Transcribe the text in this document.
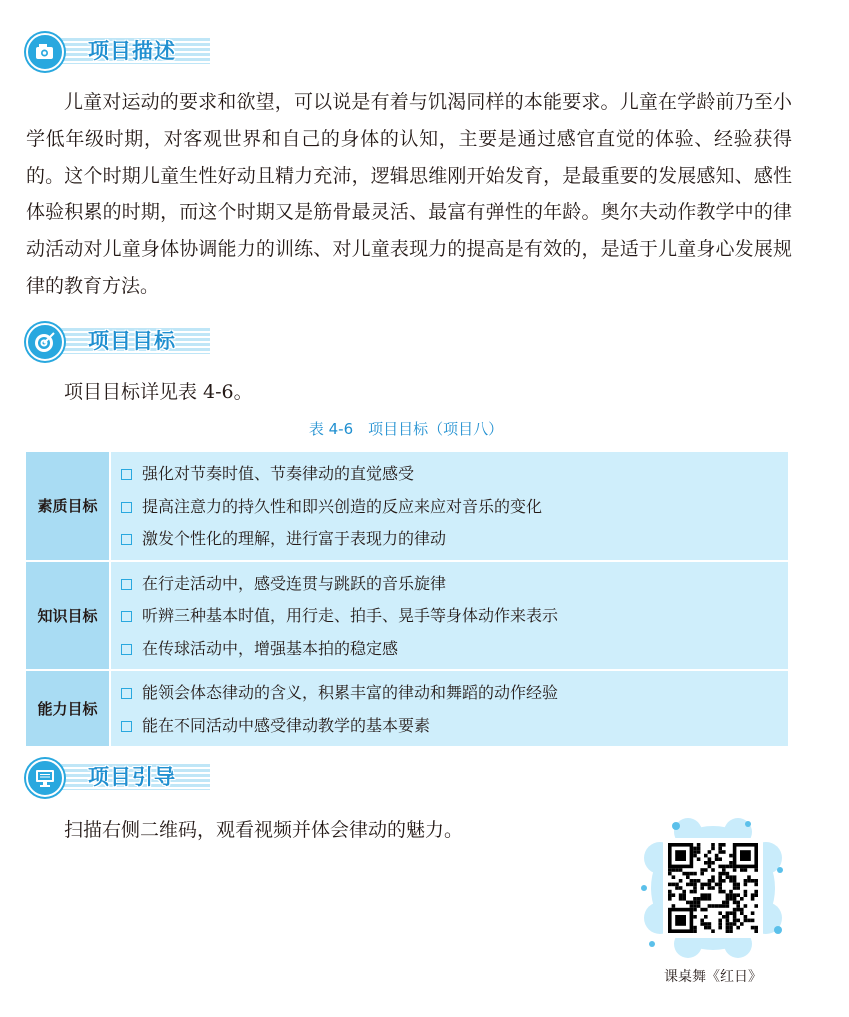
项目描述

儿童对运动的要求和欲望，可以说是有着与饥渴同样的本能要求。儿童在学龄前乃至小学低年级时期，对客观世界和自己的身体的认知，主要是通过感官直觉的体验、经验获得的。这个时期儿童生性好动且精力充沛，逻辑思维刚开始发育，是最重要的发展感知、感性体验积累的时期，而这个时期又是筋骨最灵活、最富有弹性的年龄。奥尔夫动作教学中的律动活动对儿童身体协调能力的训练、对儿童表现力的提高是有效的，是适于儿童身心发展规律的教育方法。

项目目标

项目目标详见表 4-6。

表 4-6　项目目标（项目八）
素质目标	强化对节奏时值、节奏律动的直觉感受
提高注意力的持久性和即兴创造的反应来应对音乐的变化
激发个性化的理解，进行富于表现力的律动

知识目标	在行走活动中，感受连贯与跳跃的音乐旋律
听辨三种基本时值，用行走、拍手、晃手等身体动作来表示
在传球活动中，增强基本拍的稳定感

能力目标	能领会体态律动的含义，积累丰富的律动和舞蹈的动作经验
能在不同活动中感受律动教学的基本要素
项目引导

扫描右侧二维码，观看视频并体会律动的魅力。

课桌舞《红日》
